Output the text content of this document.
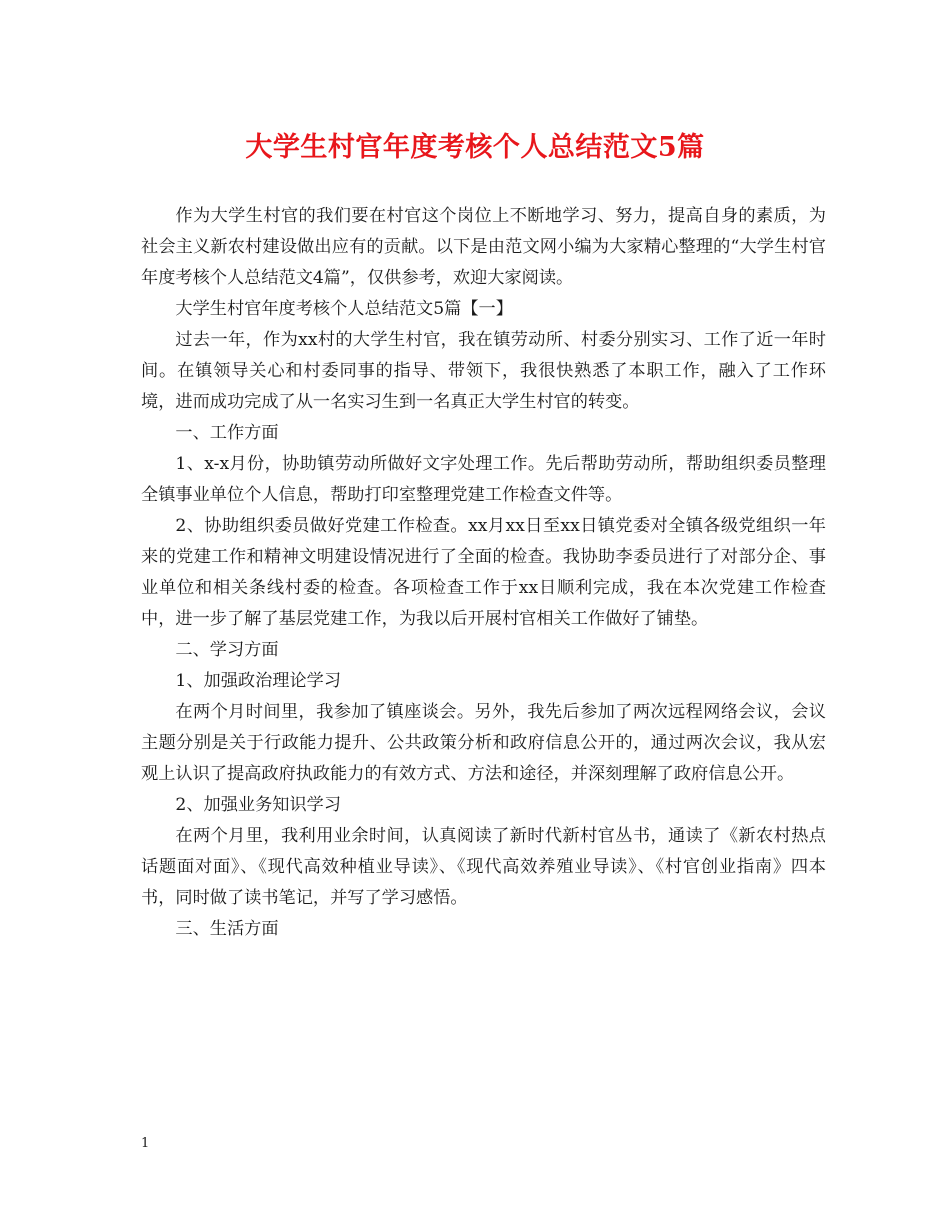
大学生村官年度考核个人总结范文5篇

作为大学生村官的我们要在村官这个岗位上不断地学习、努力，提高自身的素质，为社会主义新农村建设做出应有的贡献。以下是由范文网小编为大家精心整理的“大学生村官年度考核个人总结范文4篇”，仅供参考，欢迎大家阅读。

大学生村官年度考核个人总结范文5篇【一】

过去一年，作为xx村的大学生村官，我在镇劳动所、村委分别实习、工作了近一年时间。在镇领导关心和村委同事的指导、带领下，我很快熟悉了本职工作，融入了工作环境，进而成功完成了从一名实习生到一名真正大学生村官的转变。

一、工作方面

1、x-x月份，协助镇劳动所做好文字处理工作。先后帮助劳动所，帮助组织委员整理全镇事业单位个人信息，帮助打印室整理党建工作检查文件等。

2、协助组织委员做好党建工作检查。xx月xx日至xx日镇党委对全镇各级党组织一年来的党建工作和精神文明建设情况进行了全面的检查。我协助李委员进行了对部分企、事业单位和相关条线村委的检查。各项检查工作于xx日顺利完成，我在本次党建工作检查中，进一步了解了基层党建工作，为我以后开展村官相关工作做好了铺垫。

二、学习方面

1、加强政治理论学习

在两个月时间里，我参加了镇座谈会。另外，我先后参加了两次远程网络会议，会议主题分别是关于行政能力提升、公共政策分析和政府信息公开的，通过两次会议，我从宏观上认识了提高政府执政能力的有效方式、方法和途径，并深刻理解了政府信息公开。

2、加强业务知识学习

在两个月里，我利用业余时间，认真阅读了新时代新村官丛书，通读了《新农村热点话题面对面》、《现代高效种植业导读》、《现代高效养殖业导读》、《村官创业指南》四本书，同时做了读书笔记，并写了学习感悟。

三、生活方面

1
